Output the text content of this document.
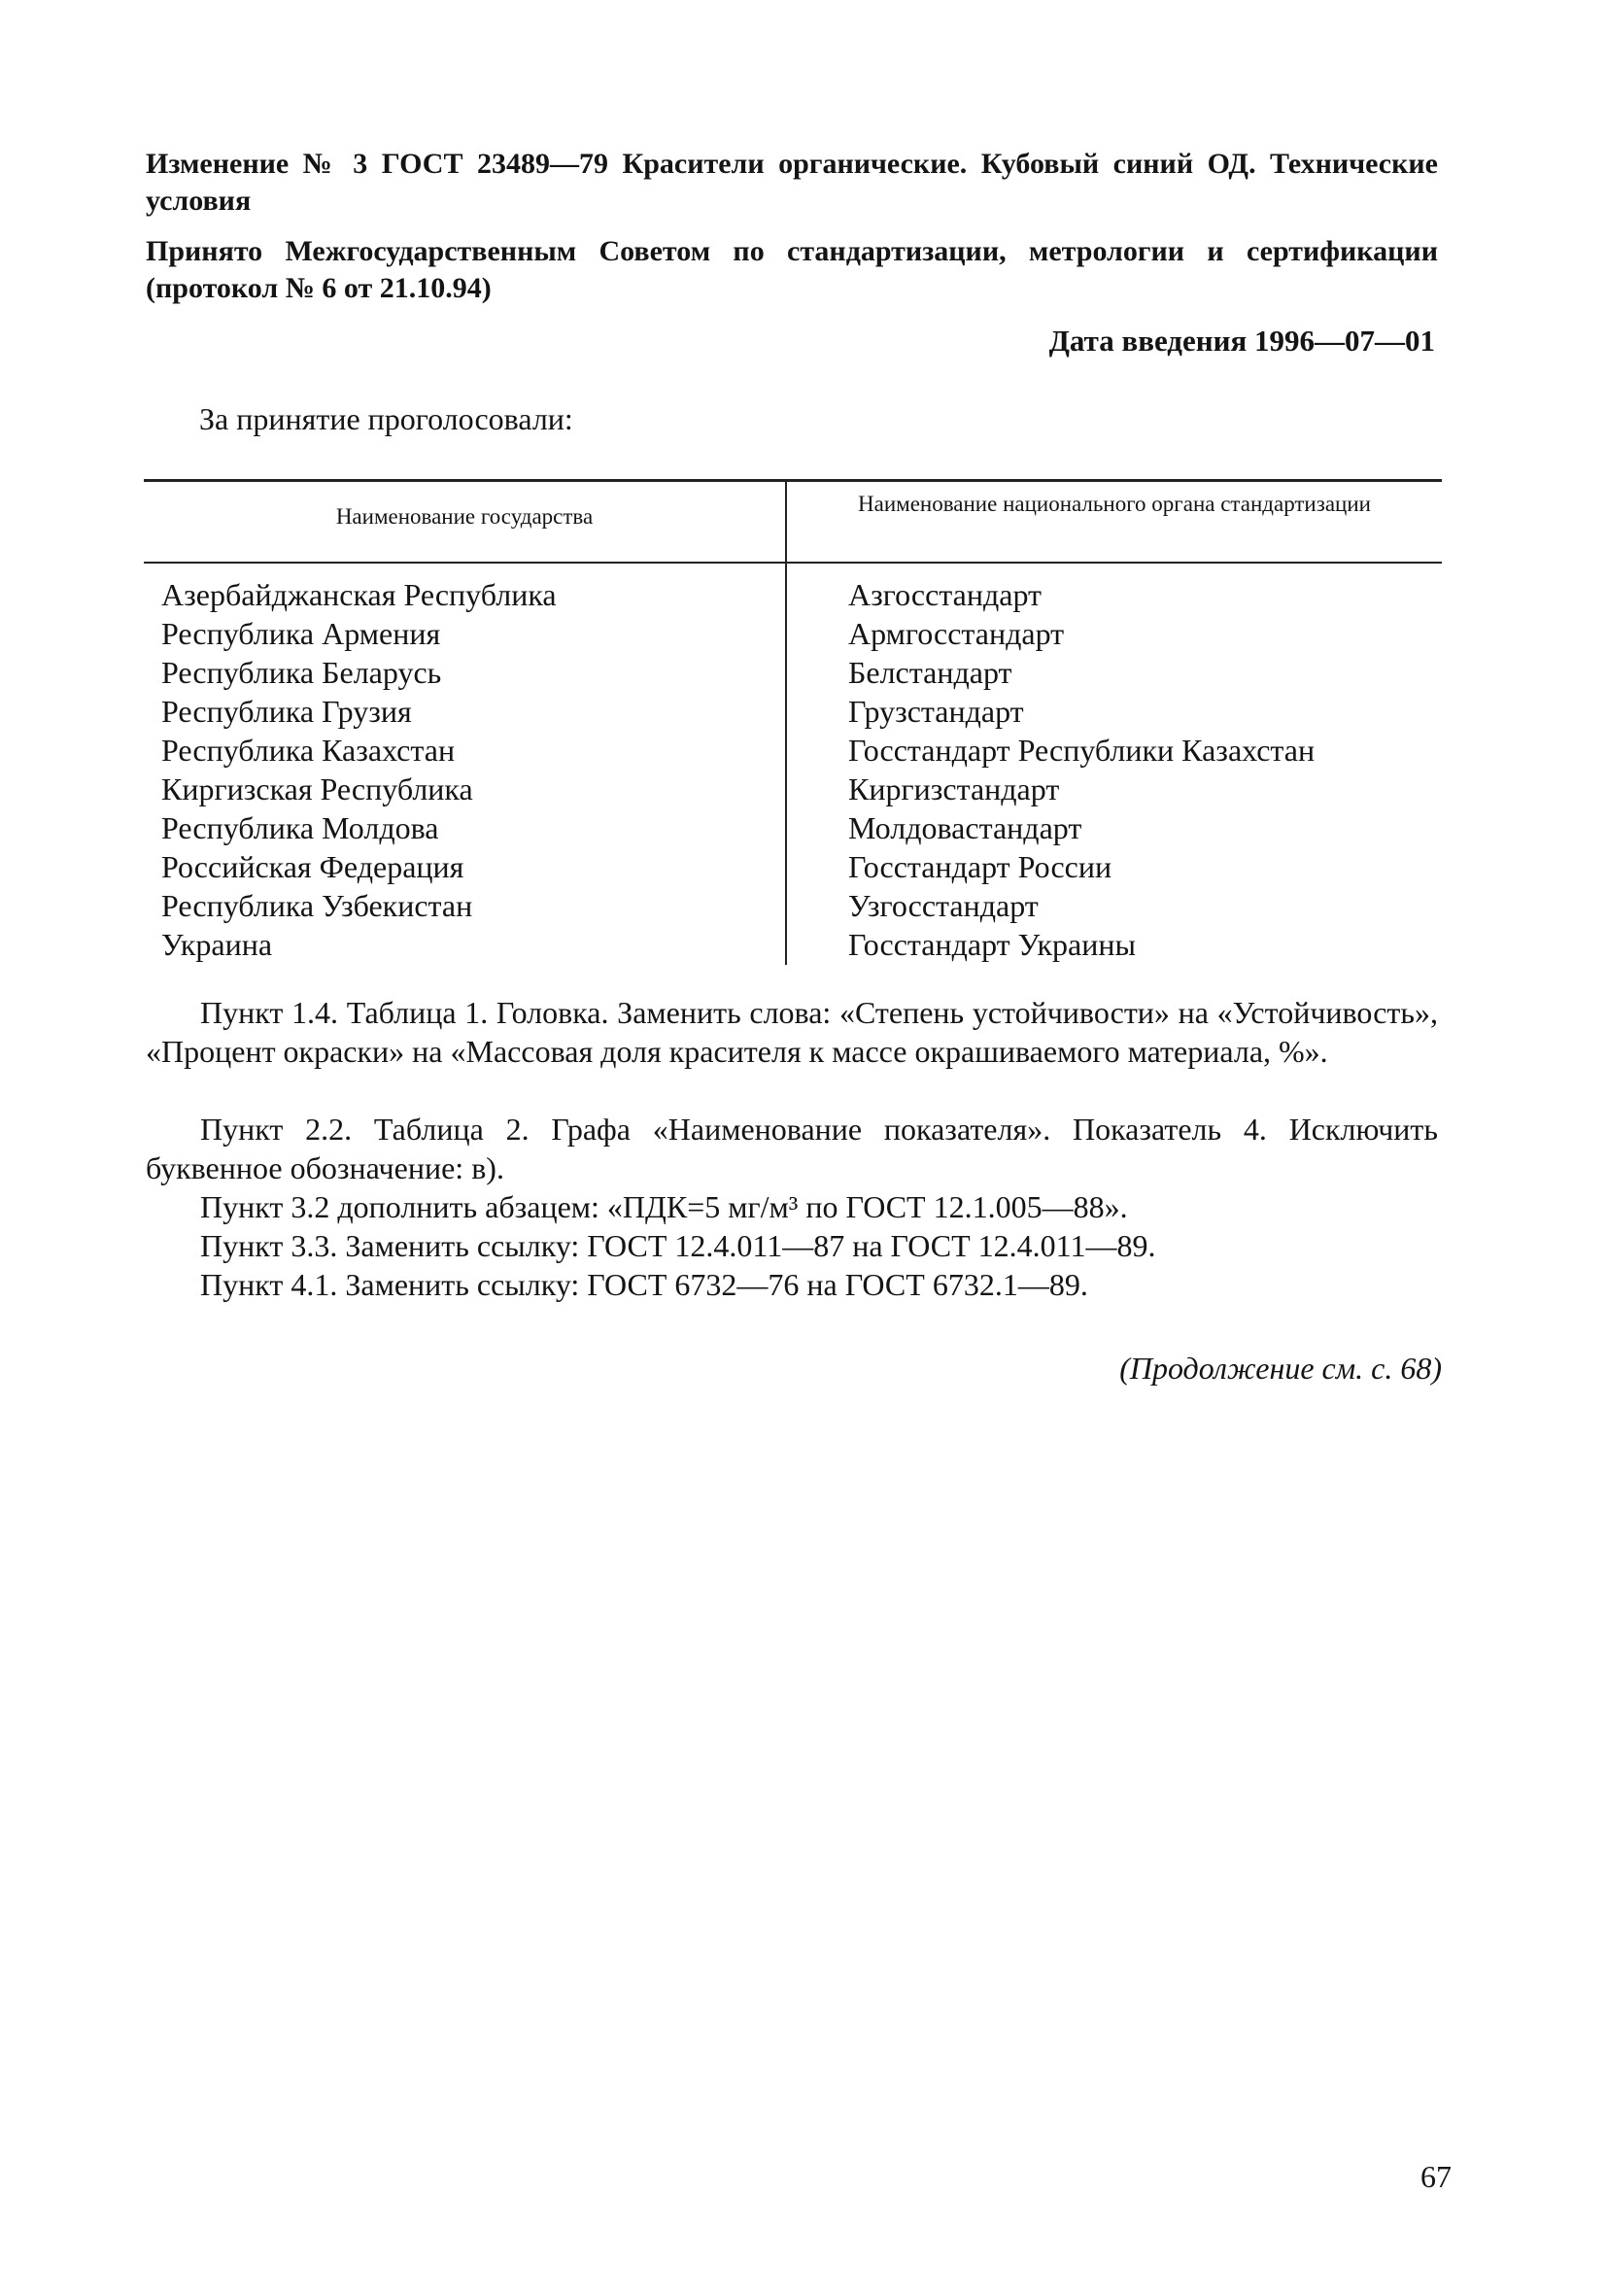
Изменение № 3 ГОСТ 23489—79 Красители органические. Кубовый синий ОД. Технические условия
Принято Межгосударственным Советом по стандартизации, метрологии и сертификации (протокол № 6 от 21.10.94)
Дата введения 1996—07—01
За принятие проголосовали:
Наименование государства
Наименование национального органа стандартизации
Азербайджанская Республика
Республика Армения
Республика Беларусь
Республика Грузия
Республика Казахстан
Киргизская Республика
Республика Молдова
Российская Федерация
Республика Узбекистан
Украина
Азгосстандарт
Армгосстандарт
Белстандарт
Грузстандарт
Госстандарт Республики Казахстан
Киргизстандарт
Молдовастандарт
Госстандарт России
Узгосстандарт
Госстандарт Украины

Пункт 1.4. Таблица 1. Головка. Заменить слова: «Степень устойчивости» на «Устойчивость», «Процент окраски» на «Массовая доля красителя к массе окрашиваемого материала, %».

Пункт 2.2. Таблица 2. Графа «Наименование показателя». Показатель 4. Исключить буквенное обозначение: в).

Пункт 3.2 дополнить абзацем: «ПДК=5 мг/м³ по ГОСТ 12.1.005—88».

Пункт 3.3. Заменить ссылку: ГОСТ 12.4.011—87 на ГОСТ 12.4.011—89.

Пункт 4.1. Заменить ссылку: ГОСТ 6732—76 на ГОСТ 6732.1—89.

(Продолжение см. с. 68)
67
